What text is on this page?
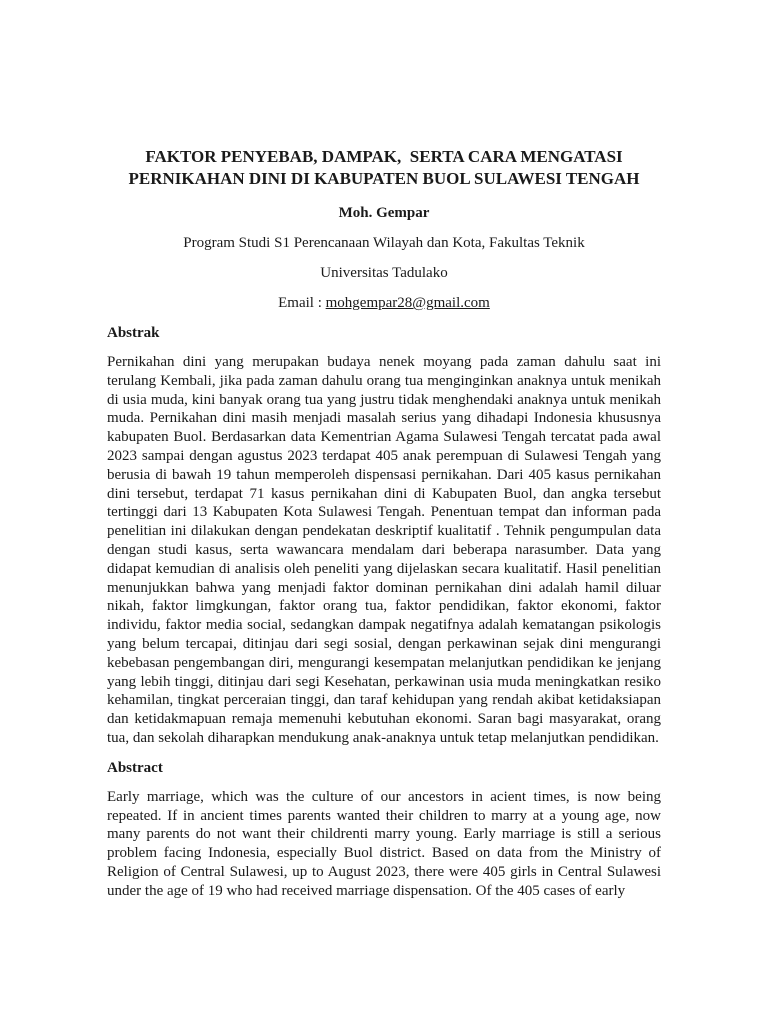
FAKTOR PENYEBAB, DAMPAK,  SERTA CARA MENGATASI
PERNIKAHAN DINI DI KABUPATEN BUOL SULAWESI TENGAH
Moh. Gempar
Program Studi S1 Perencanaan Wilayah dan Kota, Fakultas Teknik
Universitas Tadulako
Email : mohgempar28@gmail.com
Abstrak
Pernikahan dini yang merupakan budaya nenek moyang pada zaman dahulu saat ini terulang Kembali, jika pada zaman dahulu orang tua menginginkan anaknya untuk menikah di usia muda, kini banyak orang tua yang justru tidak menghendaki anaknya untuk menikah muda. Pernikahan dini masih menjadi masalah serius yang dihadapi Indonesia khususnya kabupaten Buol. Berdasarkan data Kementrian Agama Sulawesi Tengah tercatat pada awal 2023 sampai dengan agustus 2023 terdapat 405 anak perempuan di Sulawesi Tengah yang berusia di bawah 19 tahun memperoleh dispensasi pernikahan. Dari 405 kasus pernikahan dini tersebut, terdapat 71 kasus pernikahan dini di Kabupaten Buol, dan angka tersebut tertinggi dari 13 Kabupaten Kota Sulawesi Tengah. Penentuan tempat dan informan pada penelitian ini dilakukan dengan pendekatan deskriptif kualitatif . Tehnik pengumpulan data dengan studi kasus, serta wawancara mendalam dari beberapa narasumber. Data yang didapat kemudian di analisis oleh peneliti yang dijelaskan secara kualitatif. Hasil penelitian menunjukkan bahwa yang menjadi faktor dominan pernikahan dini adalah hamil diluar nikah, faktor limgkungan, faktor orang tua, faktor pendidikan, faktor ekonomi, faktor individu, faktor media social, sedangkan dampak negatifnya adalah kematangan psikologis yang belum tercapai, ditinjau dari segi sosial, dengan perkawinan sejak dini mengurangi kebebasan pengembangan diri, mengurangi kesempatan melanjutkan pendidikan ke jenjang yang lebih tinggi, ditinjau dari segi Kesehatan, perkawinan usia muda meningkatkan resiko kehamilan, tingkat perceraian tinggi, dan taraf kehidupan yang rendah akibat ketidaksiapan dan ketidakmapuan remaja memenuhi kebutuhan ekonomi. Saran bagi masyarakat, orang tua, dan sekolah diharapkan mendukung anak-anaknya untuk tetap melanjutkan pendidikan.
Abstract
Early marriage, which was the culture of our ancestors in acient times, is now being repeated. If in ancient times parents wanted their children to marry at a young age, now many parents do not want their childrenti marry young. Early marriage is still a serious problem facing Indonesia, especially Buol district. Based on data from the Ministry of Religion of Central Sulawesi, up to August 2023, there were 405 girls in Central Sulawesi under the age of 19 who had received marriage dispensation. Of the 405 cases of early
